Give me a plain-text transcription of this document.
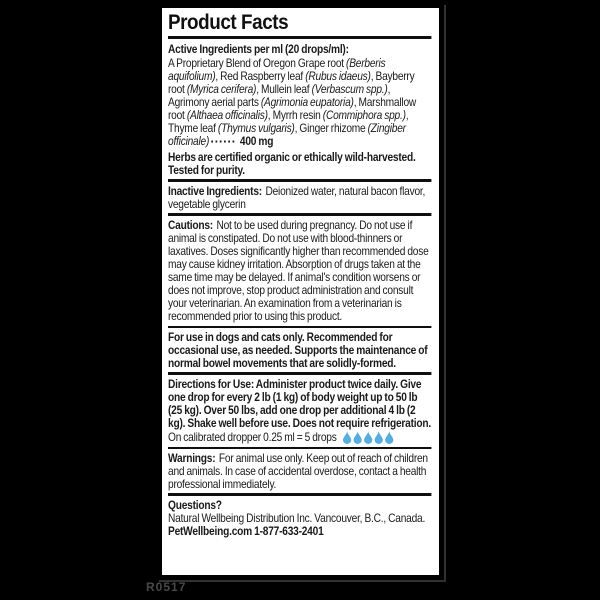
Product Facts

Active Ingredients per ml (20 drops/ml):

A Proprietary Blend of Oregon Grape root (Berberis aquifolium), Red Raspberry leaf (Rubus idaeus), Bayberry root (Myrica cerifera), Mullein leaf (Verbascum spp.), Agrimony aerial parts (Agrimonia eupatoria), Marshmallow root (Althaea officinalis), Myrrh resin (Commiphora spp.), Thyme leaf (Thymus vulgaris), Ginger rhizome (Zingiber officinale) ▪▪▪▪▪▪ 400 mg

Herbs are certified organic or ethically wild-harvested. Tested for purity.

Inactive Ingredients: Deionized water, natural bacon flavor, vegetable glycerin

Cautions: Not to be used during pregnancy. Do not use if animal is constipated. Do not use with blood-thinners or laxatives. Doses significantly higher than recommended dose may cause kidney irritation. Absorption of drugs taken at the same time may be delayed. If animal's condition worsens or does not improve, stop product administration and consult your veterinarian. An examination from a veterinarian is recommended prior to using this product.

For use in dogs and cats only. Recommended for occasional use, as needed. Supports the maintenance of normal bowel movements that are solidly-formed.

Directions for Use: Administer product twice daily. Give one drop for every 2 lb (1 kg) of body weight up to 50 lb (25 kg). Over 50 lbs, add one drop per additional 4 lb (2 kg). Shake well before use. Does not require refrigeration.

On calibrated dropper 0.25 ml = 5 drops

Warnings: For animal use only. Keep out of reach of children and animals. In case of accidental overdose, contact a health professional immediately.

Questions?

Natural Wellbeing Distribution Inc. Vancouver, B.C., Canada.

PetWellbeing.com 1-877-633-2401

R0517
